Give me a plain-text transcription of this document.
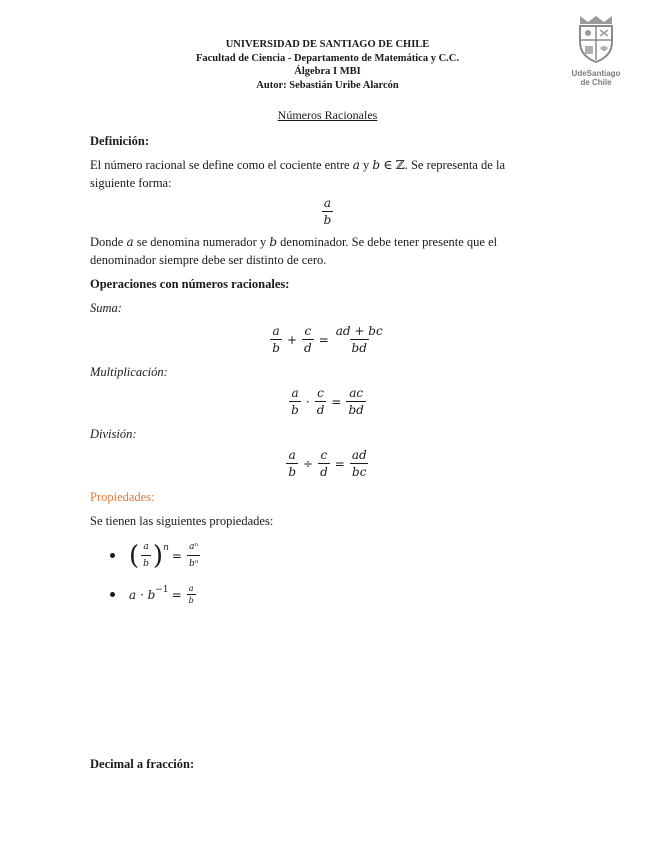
UNIVERSIDAD DE SANTIAGO DE CHILE
Facultad de Ciencia - Departamento de Matemática y C.C.
Álgebra I MBI
Autor: Sebastián Uribe Alarcón
UdeSantiago
de Chile
Números Racionales
Definición:
El número racional se define como el cociente entre a y b ∈ ℤ. Se representa de la siguiente forma:
$\frac{a}{b}$
Donde a se denomina numerador y b denominador. Se debe tener presente que el denominador siempre debe ser distinto de cero.
Operaciones con números racionales:
Suma:
$\frac{a}{b} + \frac{c}{d} = \frac{ad + bc}{bd}$
Multiplicación:
$\frac{a}{b} \cdot \frac{c}{d} = \frac{ac}{bd}$
División:
$\frac{a}{b} \div \frac{c}{d} = \frac{ad}{bc}$
Propiedades:
Se tienen las siguientes propiedades:
( $\frac{a}{b}$ ) n
= $\frac{\text{aⁿ}}{\text{bⁿ}}$
$a \cdot b -1 = \frac{a}{b}$
Decimal a fracción:
